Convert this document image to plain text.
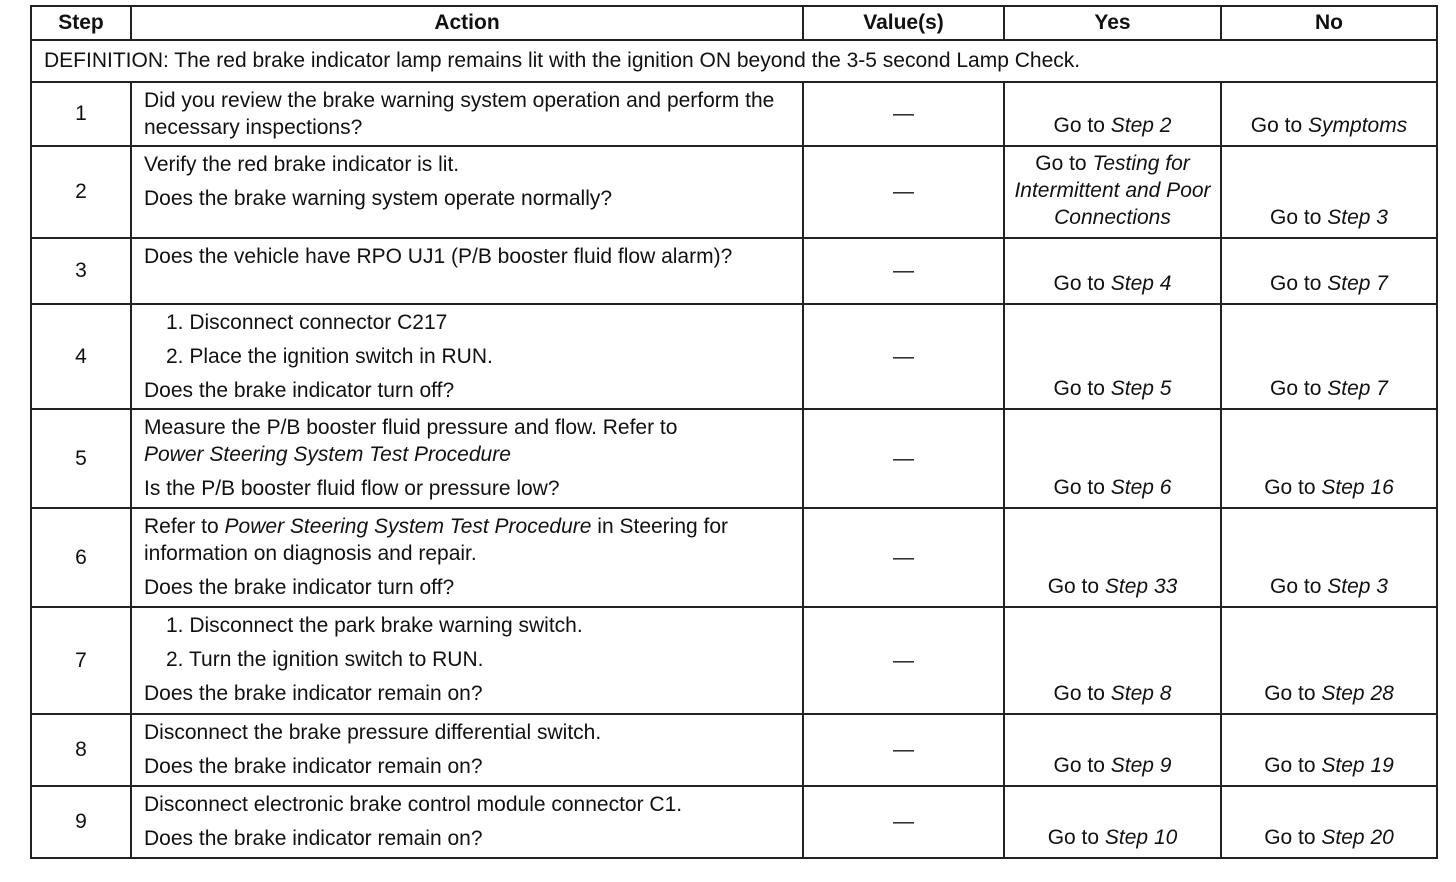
Step	Action	Value(s)	Yes	No
DEFINITION: The red brake indicator lamp remains lit with the ignition ON beyond the 3-5 second Lamp Check.				
1	Did you review the brake warning system operation and perform the necessary inspections?	—	Go to Step 2	Go to Symptoms
2	Verify the red brake indicator is lit.

Does the brake warning system operate normally?	—	Go to Testing for Intermittent and Poor Connections	Go to Step 3
3	Does the vehicle have RPO UJ1 (P/B booster fluid flow alarm)?	—	Go to Step 4	Go to Step 7
4	1. Disconnect connector C217

2. Place the ignition switch in RUN.

Does the brake indicator turn off?	—	Go to Step 5	Go to Step 7
5	Measure the P/B booster fluid pressure and flow. Refer to
Power Steering System Test Procedure

Is the P/B booster fluid flow or pressure low?	—	Go to Step 6	Go to Step 16
6	Refer to Power Steering System Test Procedure in Steering for information on diagnosis and repair.

Does the brake indicator turn off?	—	Go to Step 33	Go to Step 3
7	1. Disconnect the park brake warning switch.

2. Turn the ignition switch to RUN.

Does the brake indicator remain on?	—	Go to Step 8	Go to Step 28
8	Disconnect the brake pressure differential switch.

Does the brake indicator remain on?	—	Go to Step 9	Go to Step 19
9	Disconnect electronic brake control module connector C1.

Does the brake indicator remain on?	—	Go to Step 10	Go to Step 20
